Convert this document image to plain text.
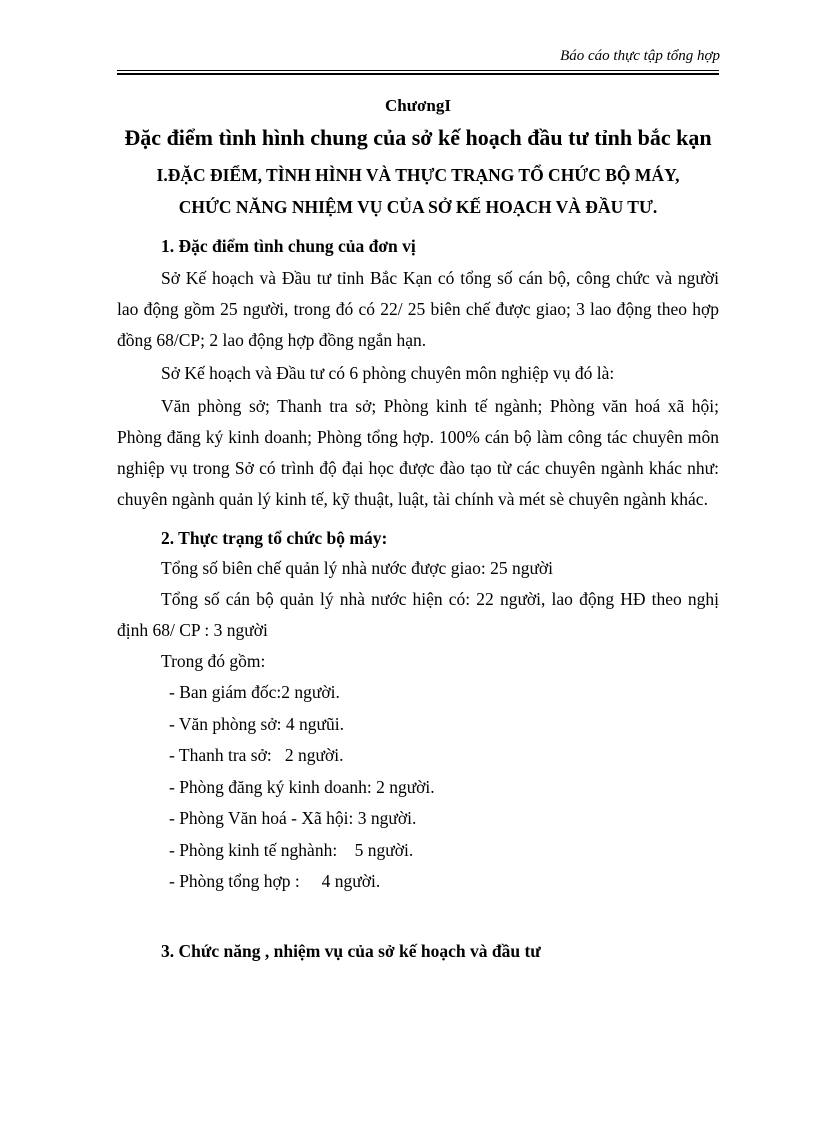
Báo cáo thực tập tổng hợp

ChươngI

Đặc điểm tình hình chung của sở kế hoạch đầu tư tỉnh bắc kạn

I.ĐẶC ĐIỂM, TÌNH HÌNH VÀ THỰC TRẠNG TỔ CHỨC BỘ MÁY,
CHỨC NĂNG NHIỆM VỤ CỦA SỞ KẾ HOẠCH VÀ ĐẦU TƯ.

1. Đặc điểm tình chung của đơn vị

Sở Kế hoạch và Đầu tư tỉnh Bắc Kạn có tổng số cán bộ, công chức và người lao động gồm 25 người, trong đó có 22/ 25 biên chế được giao; 3 lao động theo hợp đồng 68/CP; 2 lao động hợp đồng ngắn hạn.

Sở Kế hoạch và Đầu tư có 6 phòng chuyên môn nghiệp vụ đó là:

Văn phòng sở; Thanh tra sở; Phòng kinh tế ngành; Phòng văn hoá xã hội; Phòng đăng ký kinh doanh; Phòng tổng hợp. 100% cán bộ làm công tác chuyên môn nghiệp vụ trong Sở có trình độ đại học được đào tạo từ các chuyên ngành khác như: chuyên ngành quản lý kinh tế, kỹ thuật, luật, tài chính và mét sè chuyên ngành khác.

2. Thực trạng tổ chức bộ máy:

Tổng số biên chế quản lý nhà nước được giao: 25 người

Tổng số cán bộ quản lý nhà nước hiện có: 22 người, lao động HĐ theo nghị định 68/ CP : 3 người

Trong đó gồm:

- Ban giám đốc:2 người.

- Văn phòng sở: 4 ngưũi.

- Thanh tra sở:   2 người.

- Phòng đăng ký kinh doanh: 2 người.

- Phòng Văn hoá - Xã hội: 3 người.

- Phòng kinh tế nghành:    5 người.

- Phòng tổng hợp :     4 người.

3. Chức năng , nhiệm vụ của sở kế hoạch và đầu tư
